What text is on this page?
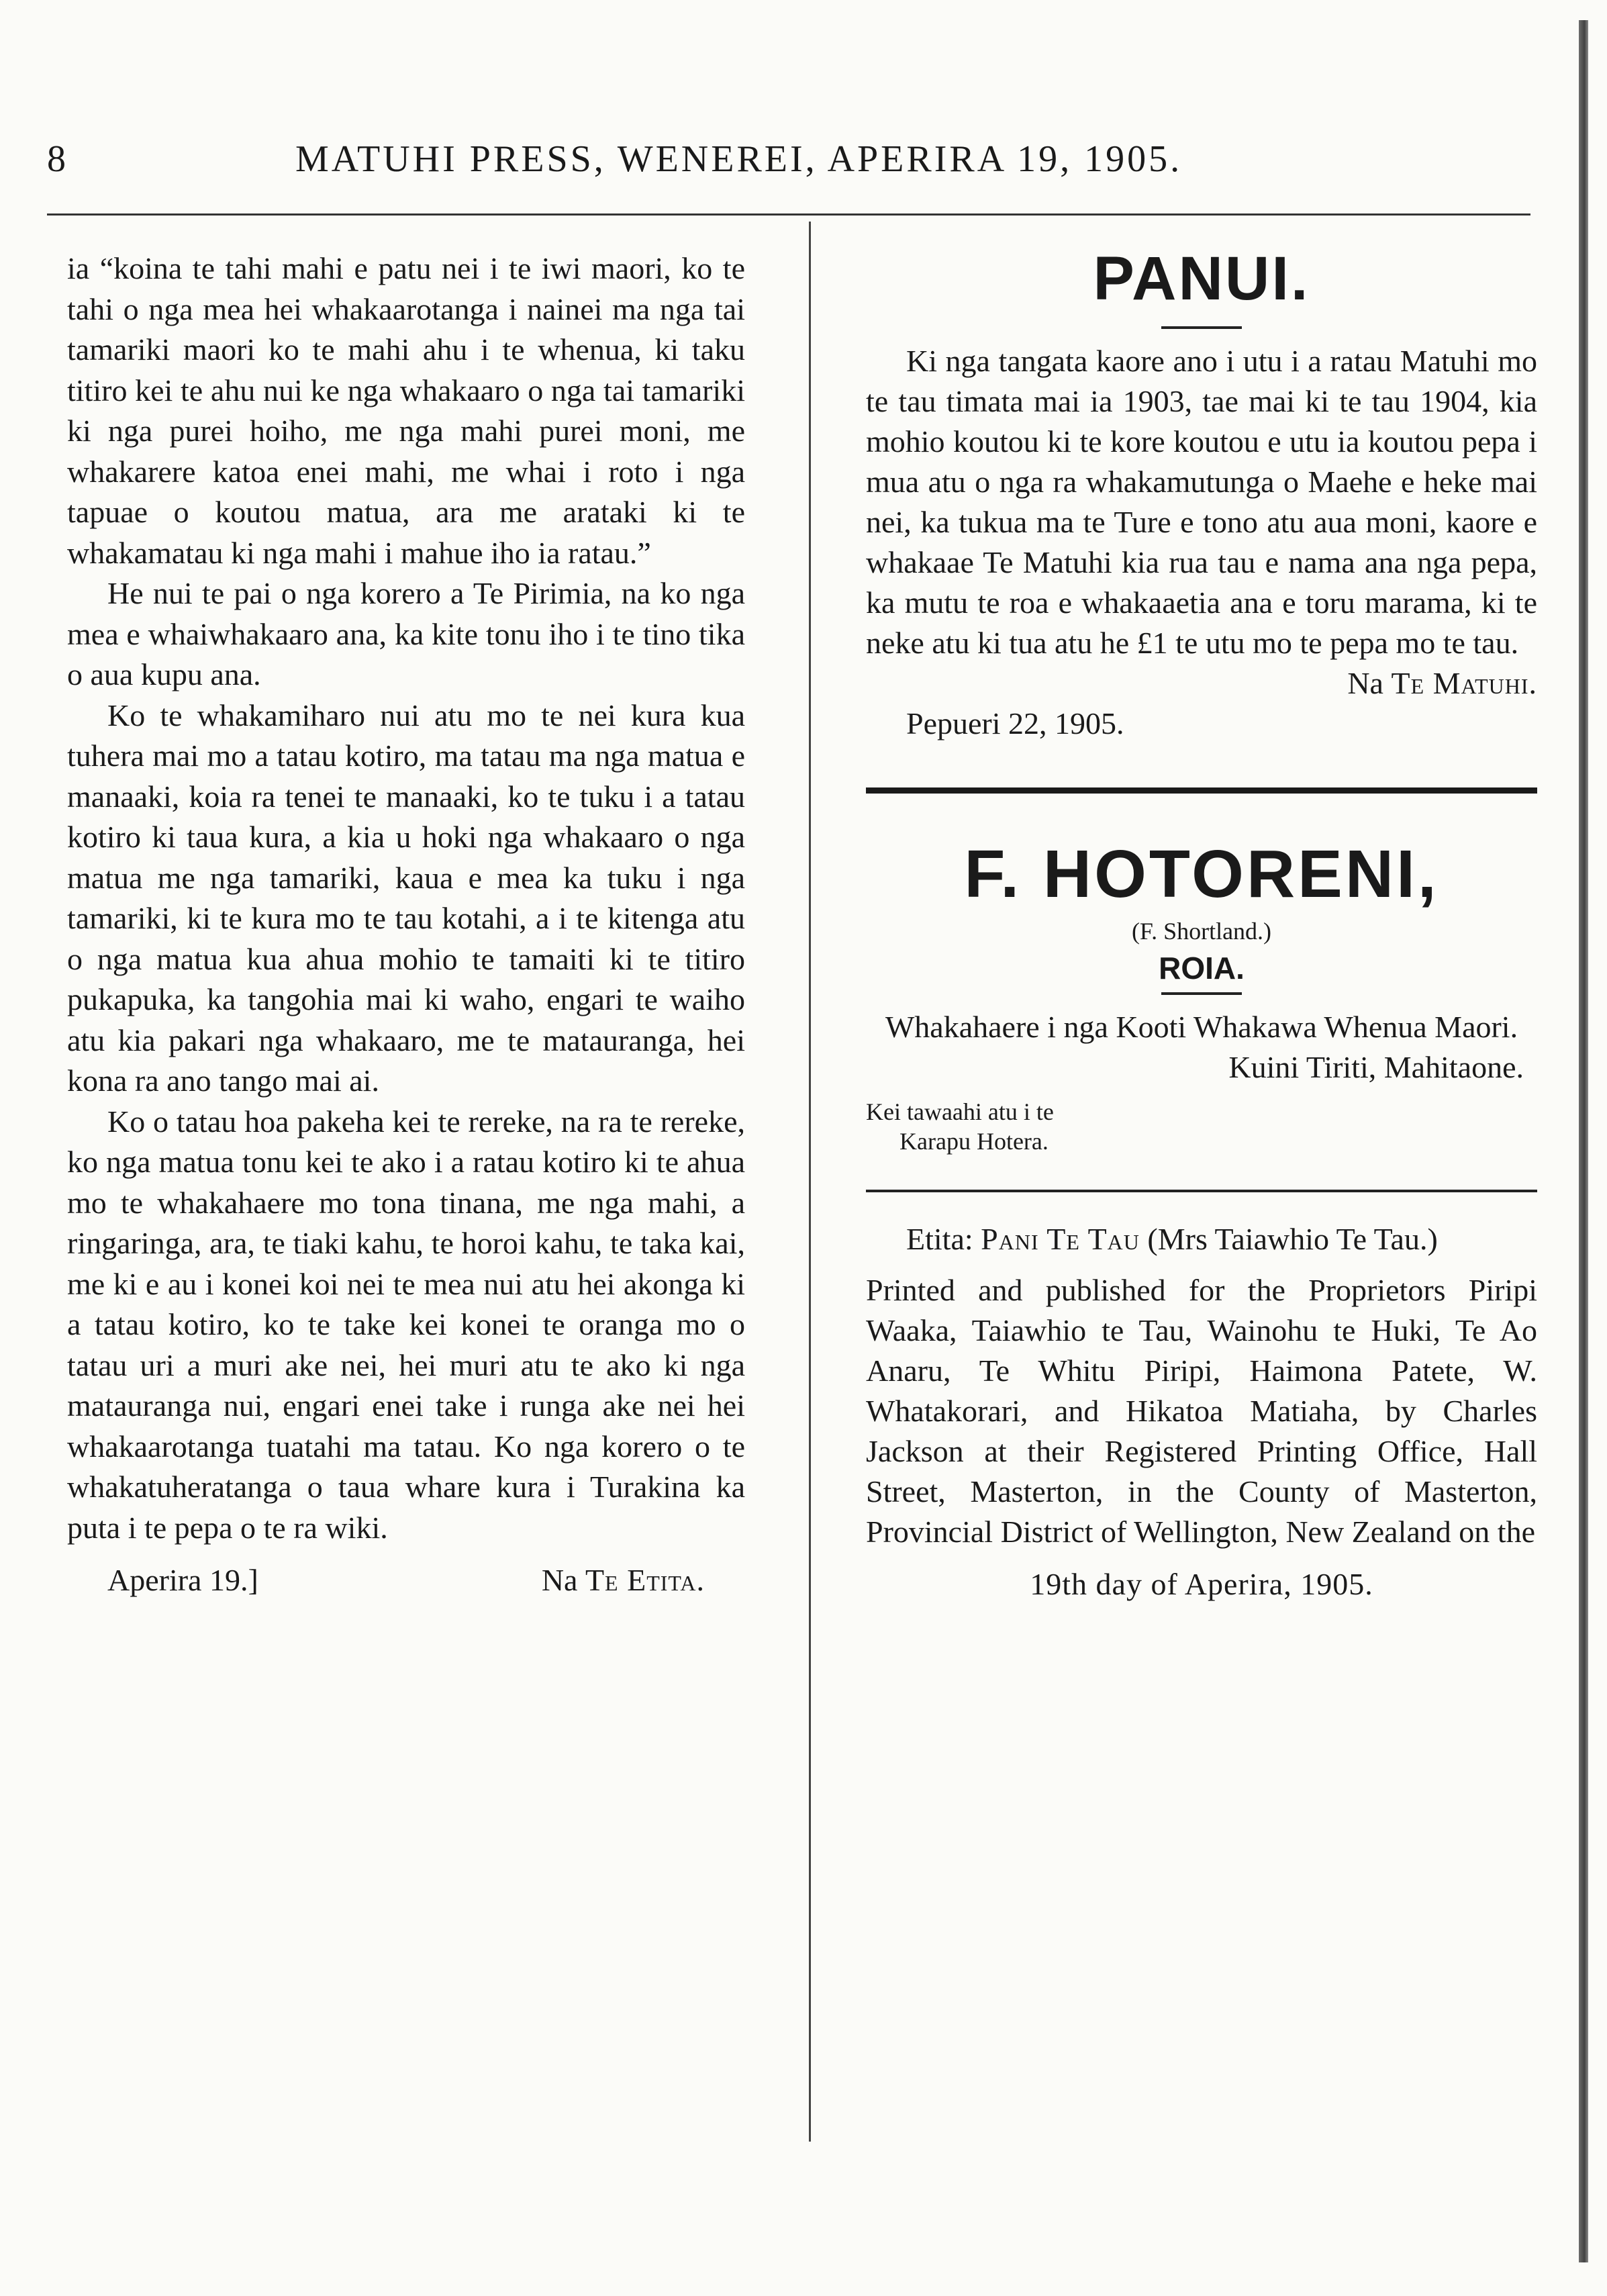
8	MATUHI PRESS, WENEREI, APERIRA 19, 1905.

ia “koina te tahi mahi e patu nei i te iwi maori, ko te tahi o nga mea hei whakaarotanga i nainei ma nga tai tamariki maori ko te mahi ahu i te whenua, ki taku titiro kei te ahu nui ke nga whakaaro o nga tai tamariki ki nga purei hoiho, me nga mahi purei moni, me whakarere katoa enei mahi, me whai i roto i nga tapuae o koutou matua, ara me arataki ki te whakamatau ki nga mahi i mahue iho ia ratau.”

He nui te pai o nga korero a Te Pirimia, na ko nga mea e whaiwhakaaro ana, ka kite tonu iho i te tino tika o aua kupu ana.

Ko te whakamiharo nui atu mo te nei kura kua tuhera mai mo a tatau kotiro, ma tatau ma nga matua e manaaki, koia ra tenei te manaaki, ko te tuku i a tatau kotiro ki taua kura, a kia u hoki nga whakaaro o nga matua me nga tamariki, kaua e mea ka tuku i nga tamariki, ki te kura mo te tau kotahi, a i te kitenga atu o nga matua kua ahua mohio te tamaiti ki te titiro pukapuka, ka tangohia mai ki waho, engari te waiho atu kia pakari nga whakaaro, me te matauranga, hei kona ra ano tango mai ai.

Ko o tatau hoa pakeha kei te rereke, na ra te rereke, ko nga matua tonu kei te ako i a ratau kotiro ki te ahua mo te whakahaere mo tona tinana, me nga mahi, a ringaringa, ara, te tiaki kahu, te horoi kahu, te taka kai, me ki e au i konei koi nei te mea nui atu hei akonga ki a tatau kotiro, ko te take kei konei te oranga mo o tatau uri a muri ake nei, hei muri atu te ako ki nga matauranga nui, engari enei take i runga ake nei hei whakaarotanga tuatahi ma tatau. Ko nga korero o te whakatuheratanga o taua whare kura i Turakina ka puta i te pepa o te ra wiki.

Aperira 19.]	Na Te Etita.
PANUI.

Ki nga tangata kaore ano i utu i a ratau Matuhi mo te tau timata mai ia 1903, tae mai ki te tau 1904, kia mohio koutou ki te kore koutou e utu ia koutou pepa i mua atu o nga ra whakamutunga o Maehe e heke mai nei, ka tukua ma te Ture e tono atu aua moni, kaore e whakaae Te Matuhi kia rua tau e nama ana nga pepa, ka mutu te roa e whakaaetia ana e toru marama, ki te neke atu ki tua atu he £1 te utu mo te pepa mo te tau.

Na Te Matuhi.

Pepueri 22, 1905.

F. HOTORENI,

(F. Shortland.)

ROIA.

Whakahaere i nga Kooti Whakawa Whenua Maori.

Kuini Tiriti, Mahitaone.

Kei tawaahi atu i te
Karapu Hotera.

Etita: Pani Te Tau (Mrs Taiawhio Te Tau.)

Printed and published for the Proprietors Piripi Waaka, Taiawhio te Tau, Wainohu te Huki, Te Ao Anaru, Te Whitu Piripi, Haimona Patete, W. Whatakorari, and Hikatoa Matiaha, by Charles Jackson at their Registered Printing Office, Hall Street, Masterton, in the County of Masterton, Provincial District of Wellington, New Zealand on the

19th day of Aperira, 1905.
